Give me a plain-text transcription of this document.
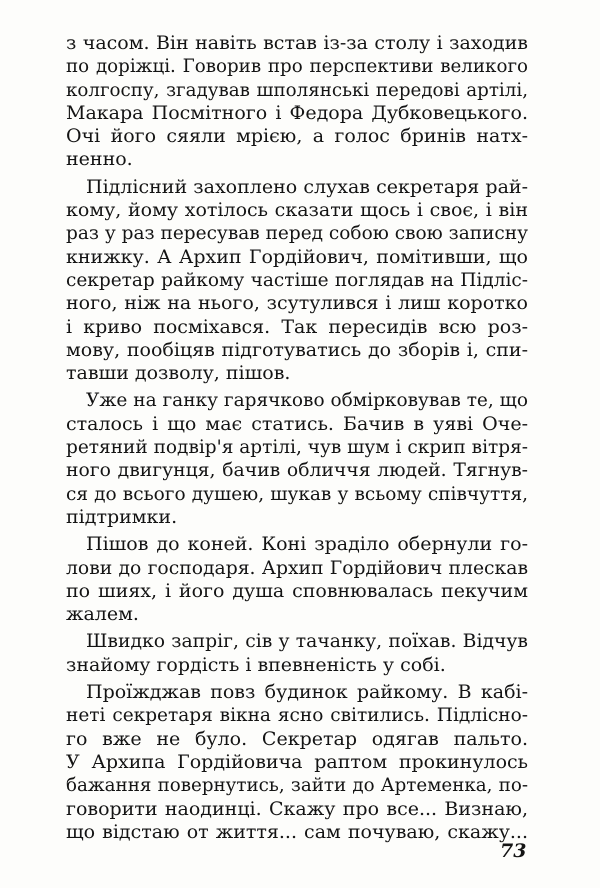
з часом. Він навіть встав із-за столу і заходив
по доріжці. Говорив про перспективи великого
колгоспу, згадував шполянські передові артілі,
Макара Посмітного і Федора Дубковецького.
Очі його сяяли мрією, а голос бринів натх-
ненно.
Підлісний захоплено слухав секретаря рай-
кому, йому хотілось сказати щось і своє, і він
раз у раз пересував перед собою свою записну
книжку. А Архип Гордійович, помітивши, що
секретар райкому частіше поглядав на Підліс-
ного, ніж на нього, зсутулився і лиш коротко
і криво посміхався. Так пересидів всю роз-
мову, пообіцяв підготуватись до зборів і, спи-
тавши дозволу, пішов.
Уже на ганку гарячково обмірковував те, що
сталось і що має статись. Бачив в уяві Оче-
ретяний подвір'я артілі, чув шум і скрип вітря-
ного двигунця, бачив обличчя людей. Тягнув-
ся до всього душею, шукав у всьому співчуття,
підтримки.
Пішов до коней. Коні зраділо обернули го-
лови до господаря. Архип Гордійович плескав
по шиях, і його душа сповнювалась пекучим
жалем.
Швидко запріг, сів у тачанку, поїхав. Відчув
знайому гордість і впевненість у собі.
Проїжджав повз будинок райкому. В кабі-
неті секретаря вікна ясно світились. Підлісно-
го вже не було. Секретар одягав пальто.
У Архипа Гордійовича раптом прокинулось
бажання повернутись, зайти до Артеменка, по-
говорити наодинці. Скажу про все... Визнаю,
що відстаю от життя... сам почуваю, скажу...
73
